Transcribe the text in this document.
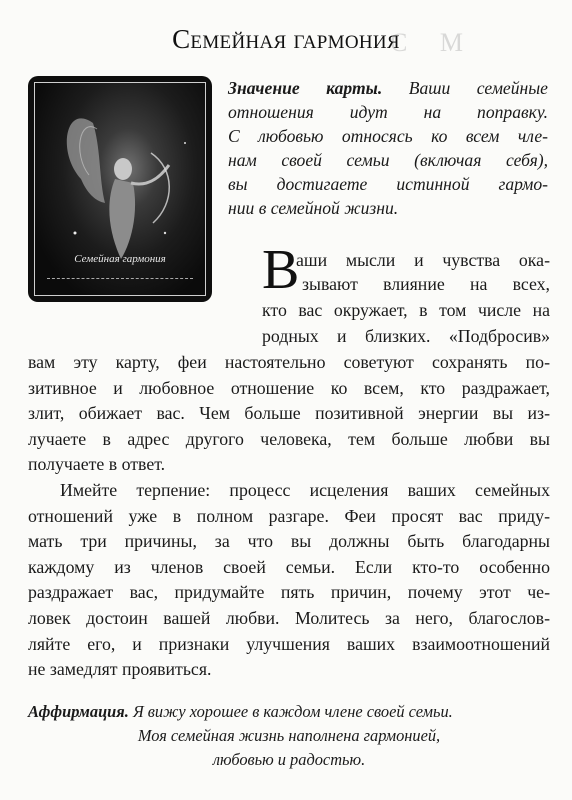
С     М
Семейная гармония
Семейная гармония

Значение карты. Ваши семейные
отношения идут на поправку.
С любовью относясь ко всем чле-
нам своей семьи (включая себя),
вы достигаете истинной гармо-
нии в семейной жизни.

В
аши мысли и чувства ока-
зывают влияние на всех,
кто вас окружает, в том числе на
родных и близких. «Подбросив»

вам эту карту, феи настоятельно советуют сохранять по-
зитивное и любовное отношение ко всем, кто раздражает,
злит, обижает вас. Чем больше позитивной энергии вы из-
лучаете в адрес другого человека, тем больше любви вы
получаете в ответ.

Имейте терпение: процесс исцеления ваших семейных
отношений уже в полном разгаре. Феи просят вас приду-
мать три причины, за что вы должны быть благодарны
каждому из членов своей семьи. Если кто-то особенно
раздражает вас, придумайте пять причин, почему этот че-
ловек достоин вашей любви. Молитесь за него, благослов-
ляйте его, и признаки улучшения ваших взаимоотношений
не замедлят проявиться.

Аффирмация. Я вижу хорошее в каждом члене своей семьи.
Моя семейная жизнь наполнена гармонией,
любовью и радостью.
